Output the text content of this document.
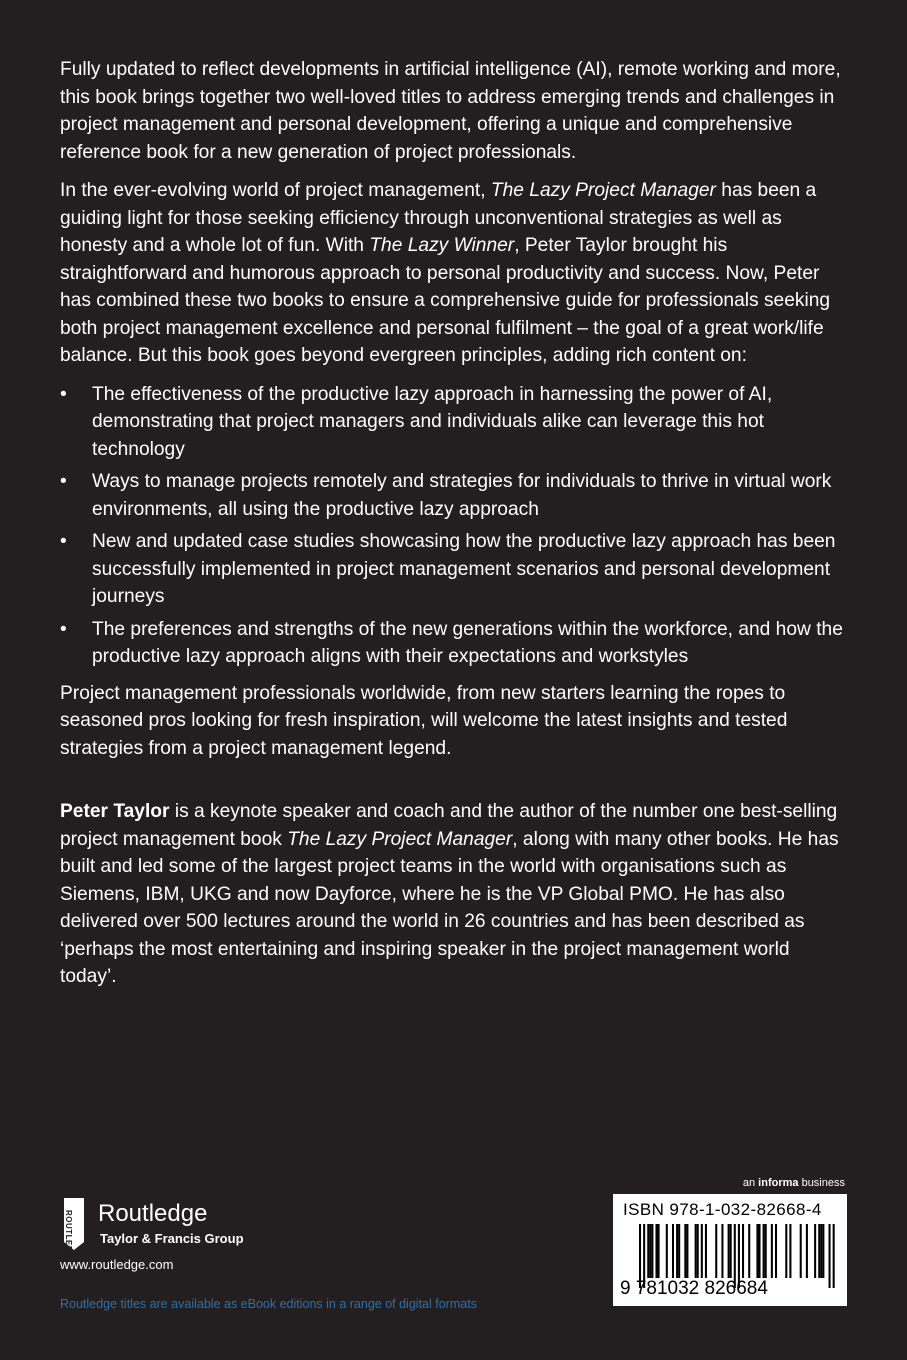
Fully updated to reflect developments in artificial intelligence (AI), remote working and more, this book brings together two well-loved titles to address emerging trends and challenges in project management and personal development, offering a unique and comprehensive reference book for a new generation of project professionals.

In the ever-evolving world of project management, The Lazy Project Manager has been a guiding light for those seeking efficiency through unconventional strategies as well as honesty and a whole lot of fun. With The Lazy Winner, Peter Taylor brought his straightforward and humorous approach to personal productivity and success. Now, Peter has combined these two books to ensure a comprehensive guide for professionals seeking both project management excellence and personal fulfilment – the goal of a great work/life balance. But this book goes beyond evergreen principles, adding rich content on:

• The effectiveness of the productive lazy approach in harnessing the power of AI, demonstrating that project managers and individuals alike can leverage this hot technology
• Ways to manage projects remotely and strategies for individuals to thrive in virtual work environments, all using the productive lazy approach
• New and updated case studies showcasing how the productive lazy approach has been successfully implemented in project management scenarios and personal development journeys
• The preferences and strengths of the new generations within the workforce, and how the productive lazy approach aligns with their expectations and workstyles

Project management professionals worldwide, from new starters learning the ropes to seasoned pros looking for fresh inspiration, will welcome the latest insights and tested strategies from a project management legend.

Peter Taylor is a keynote speaker and coach and the author of the number one best-selling project management book The Lazy Project Manager, along with many other books. He has built and led some of the largest project teams in the world with organisations such as Siemens, IBM, UKG and now Dayforce, where he is the VP Global PMO. He has also delivered over 500 lectures around the world in 26 countries and has been described as ‘perhaps the most entertaining and inspiring speaker in the project management world today’.

ROUTLEDGE Routledge
Taylor & Francis Group
www.routledge.com
Routledge titles are available as eBook editions in a range of digital formats
an informa business
ISBN 978-1-032-82668-4
9 781032 826684
